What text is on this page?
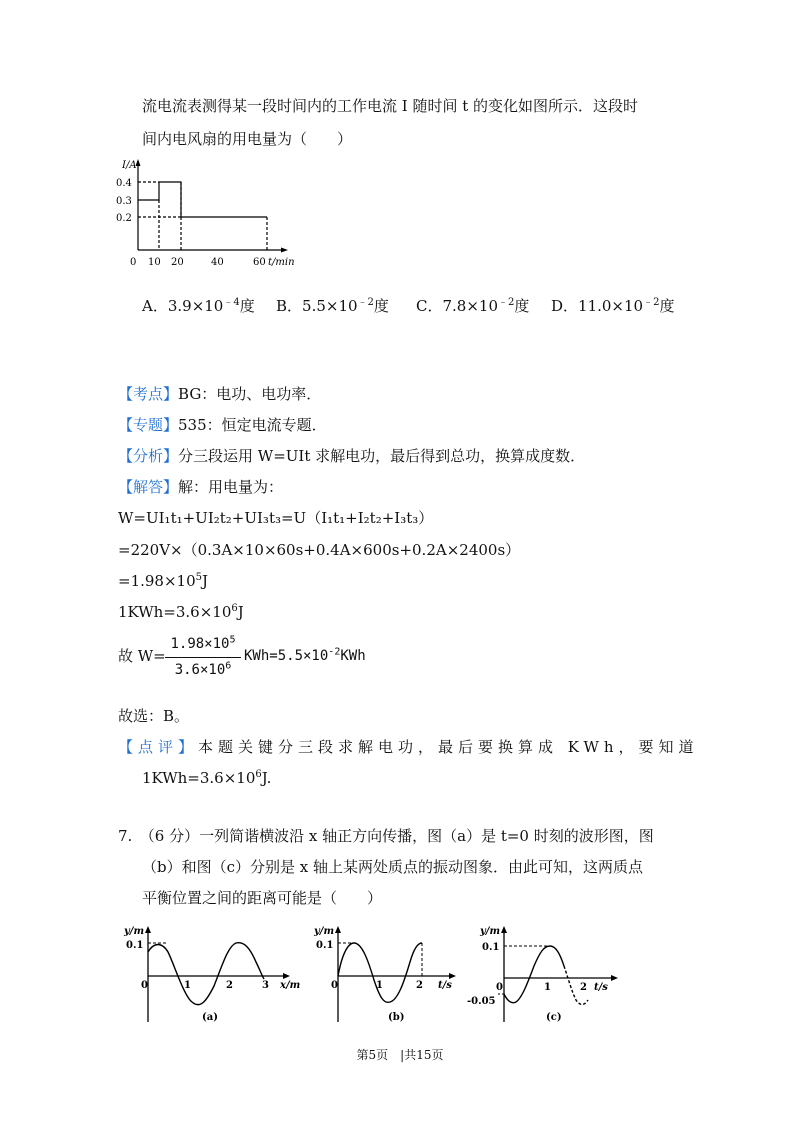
流电流表测得某一段时间内的工作电流 I 随时间 t 的变化如图所示．这段时
间内电风扇的用电量为（　　）
I/A
0.4
0.3
0.2
0 10 20	40	60 t/min
A．$3.9\times 10^{﹣4}$度 B．$5.5\times 10^{﹣2}$度 C．$7.8\times 10^{﹣2}$度 D．$11.0\times 10^{﹣2}$度
【考点】BG：电功、电功率．
【专题】535：恒定电流专题．
【分析】分三段运用 W=UIt 求解电功，最后得到总功，换算成度数．
【解答】解：用电量为：
W=UI₁t₁+UI₂t₂+UI₃t₃=U（I₁t₁+I₂t₂+I₃t₃）
=220V×（0.3A×10×60s+0.4A×600s+0.2A×2400s）
$=1.98\times 10^5J$
$1KWh=3.6\times 10^6J$
故 W=
$1.98\times 10^5$
$3.6\times 10^6$
$KWh=5.5\times 10^{-2}KWh$
故选：B。
【点评】本题关键分三段求解电功，最后要换算成 KWh，要知道
$1KWh=3.6\times 10^6J$.
7.　（6 分）一列简谐横波沿 x 轴正方向传播，图（a）是 t=0 时刻的波形图，图
（b）和图（c）分别是 x 轴上某两处质点的振动图象．由此可知，这两质点
平衡位置之间的距离可能是（　　）
y/m
0.1
0	1	2	3 x/m
(a)
y/m
0.1
0	1	2 t/s
(b)
y/m
0.1
-0.05
0	1	2 t/s
(c)
第5页　|共15页
